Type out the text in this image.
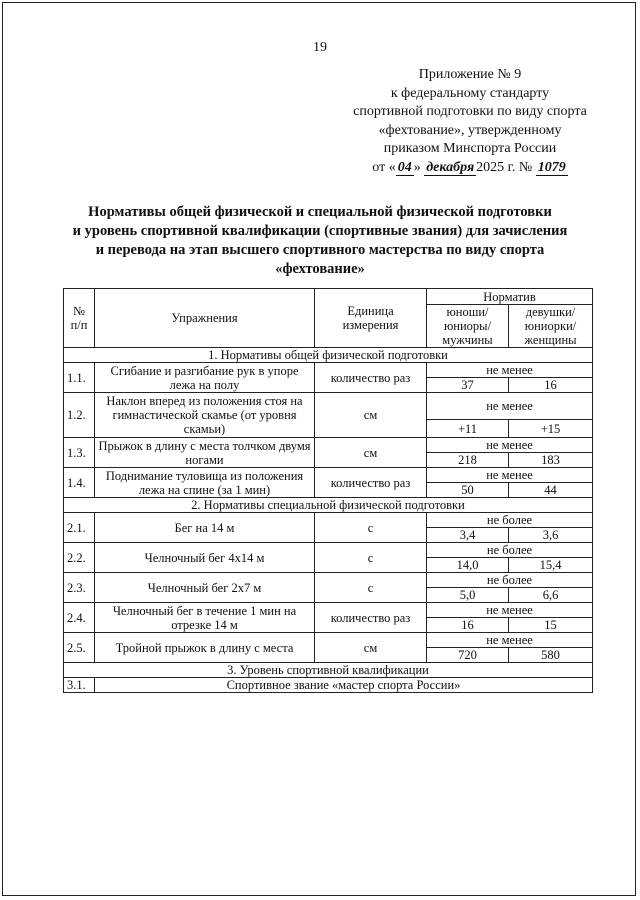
19
Приложение № 9
к федеральному стандарту
спортивной подготовки по виду спорта
«фехтование», утвержденному
приказом Минспорта России
от « 04 » декабря 2025 г. № 1079
Нормативы общей физической и специальной физической подготовки
и уровень спортивной квалификации (спортивные звания) для зачисления
и перевода на этап высшего спортивного мастерства по виду спорта
«фехтование»
№ п/п	Упражнения	Единица измерения	Норматив	
			юноши/ юниоры/ мужчины	девушки/ юниорки/ женщины
1. Нормативы общей физической подготовки				
1.1.	Сгибание и разгибание рук в упоре лежа на полу	количество раз	не менее	
			37	16
1.2.	Наклон вперед из положения стоя на гимнастической скамье (от уровня скамьи)	см	не менее	
			+11	+15
1.3.	Прыжок в длину с места толчком двумя ногами	см	не менее	
			218	183
1.4.	Поднимание туловища из положения лежа на спине (за 1 мин)	количество раз	не менее	
			50	44
2. Нормативы специальной физической подготовки				
2.1.	Бег на 14 м	с	не более	
			3,4	3,6
2.2.	Челночный бег 4х14 м	с	не более	
			14,0	15,4
2.3.	Челночный бег 2х7 м	с	не более	
			5,0	6,6
2.4.	Челночный бег в течение 1 мин на отрезке 14 м	количество раз	не менее	
			16	15
2.5.	Тройной прыжок в длину с места	см	не менее	
			720	580
3. Уровень спортивной квалификации				
3.1.	Спортивное звание «мастер спорта России»			
